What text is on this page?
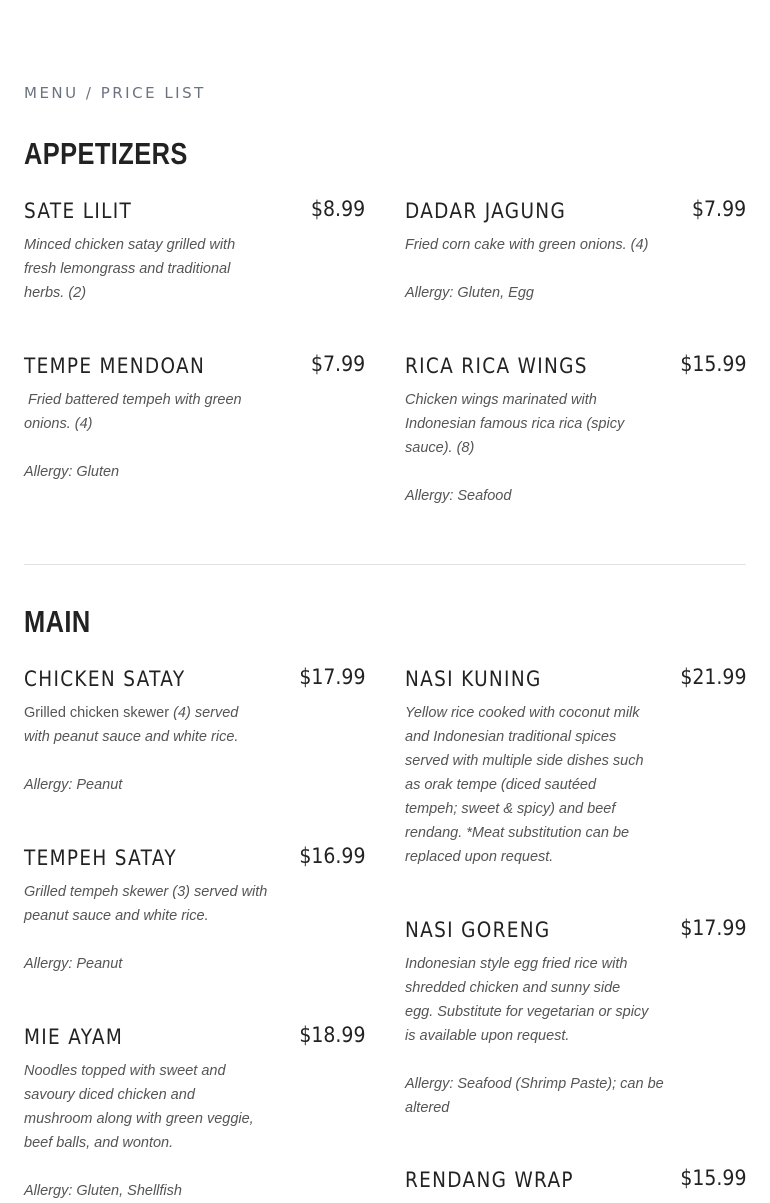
MENU / PRICE LIST
APPETIZERS
SATE LILIT	$8.99
Minced chicken satay grilled with fresh lemongrass and traditional herbs. (2)
DADAR JAGUNG	$7.99
Fried corn cake with green onions. (4)
Allergy: Gluten, Egg
TEMPE MENDOAN	$7.99
Fried battered tempeh with green onions. (4)
Allergy: Gluten
RICA RICA WINGS	$15.99
Chicken wings marinated with Indonesian famous rica rica (spicy sauce). (8)
Allergy: Seafood
MAIN
CHICKEN SATAY	$17.99
Grilled chicken skewer (4) served with peanut sauce and white rice.
Allergy: Peanut
NASI KUNING	$21.99
Yellow rice cooked with coconut milk and Indonesian traditional spices served with multiple side dishes such as orak tempe (diced sautéed tempeh; sweet & spicy) and beef rendang. *Meat substitution can be replaced upon request.
TEMPEH SATAY	$16.99
Grilled tempeh skewer (3) served with peanut sauce and white rice.
Allergy: Peanut
NASI GORENG	$17.99
Indonesian style egg fried rice with shredded chicken and sunny side egg. Substitute for vegetarian or spicy is available upon request.
Allergy: Seafood (Shrimp Paste); can be altered
MIE AYAM	$18.99
Noodles topped with sweet and savoury diced chicken and mushroom along with green veggie, beef balls, and wonton.
Allergy: Gluten, Shellfish	RENDANG WRAP	$15.99
